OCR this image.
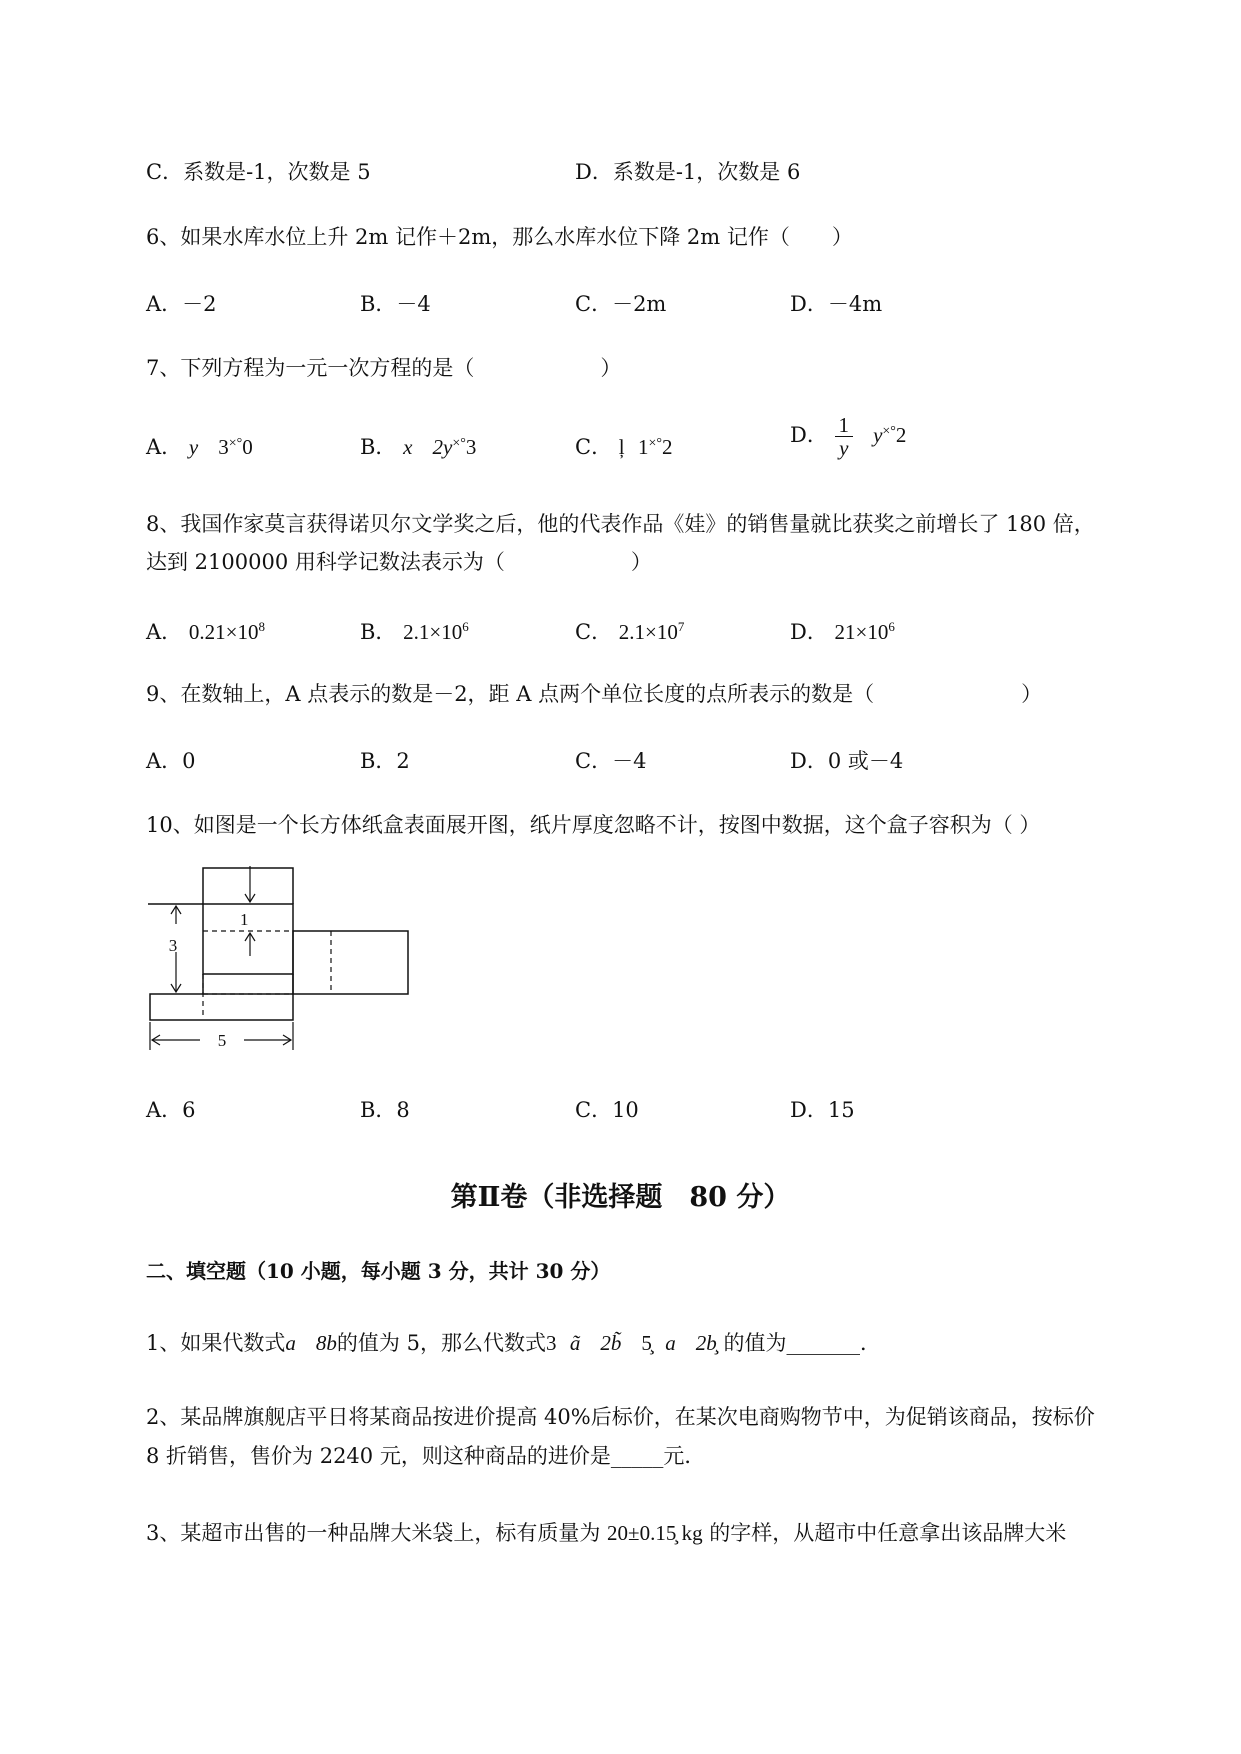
C．系数是-1，次数是 5	D．系数是-1，次数是 6
6、如果水库水位上升 2m 记作＋2m，那么水库水位下降 2m 记作（　　）
A．－2	B．－4	C．－2m	D．－4m
7、下列方程为一元一次方程的是（　　　　　　）
A． y 3×°0	B． x 2y×°3	C． ļ 1×°2	D． $\frac{1}{y} y^{\times^\circ}2$
8、我国作家莫言获得诺贝尔文学奖之后，他的代表作品《娃》的销售量就比获奖之前增长了 180 倍，
达到 2100000 用科学记数法表示为（　　　　　　）
A． $0.21\times 10^8$	B． $2.1\times 10^6$	C． $2.1\times 10^7$	D． $21\times 10^6$
9、在数轴上，A 点表示的数是－2，距 A 点两个单位长度的点所表示的数是（　　　　　　　）
A．0	B．2	C．－4	D．0 或－4
10、如图是一个长方体纸盒表面展开图，纸片厚度忽略不计，按图中数据，这个盒子容积为（ ）
1
3
5
A．6	B．8	C．10	D．15
第Ⅱ卷（非选择题　80 分）
二、填空题（10 小题，每小题 3 分，共计 30 分）
1、如果代数式a 8b的值为 5，那么代数式3 ã 2b̃ 5̧ a 2b̧ 的值为_______．
2、某品牌旗舰店平日将某商品按进价提高 40%后标价，在某次电商购物节中，为促销该商品，按标价
8 折销售，售价为 2240 元，则这种商品的进价是_____元．
3、某超市出售的一种品牌大米袋上，标有质量为 20±0.15̧ kg 的字样，从超市中任意拿出该品牌大米
